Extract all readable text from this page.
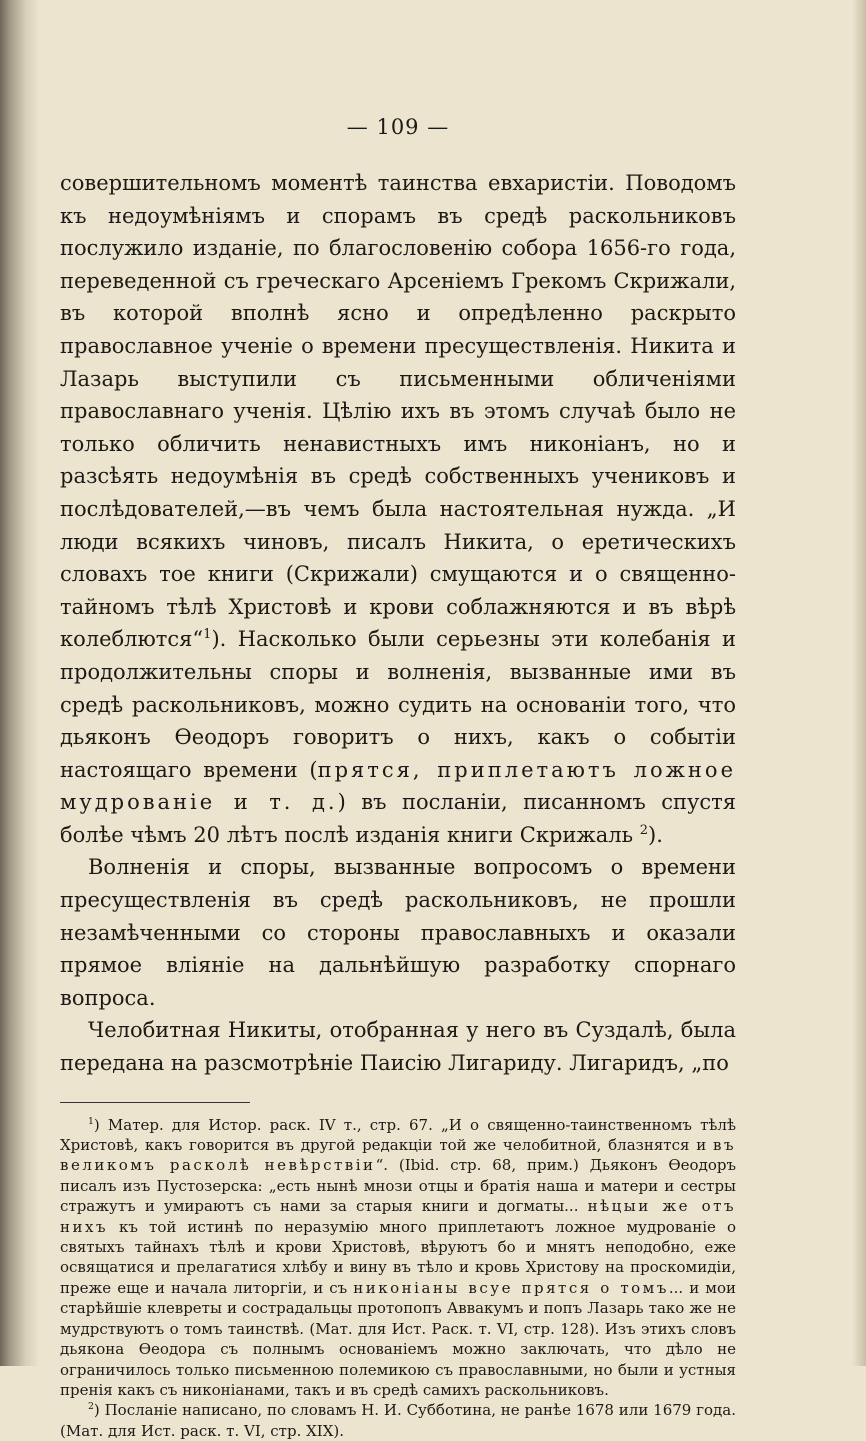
— 109 —

совершительномъ моментѣ таинства евхаристіи. Поводомъ къ недоумѣніямъ и спорамъ въ средѣ раскольниковъ послужило изданіе, по благословенію собора 1656-го года, переведенной съ греческаго Арсеніемъ Грекомъ Скрижали, въ которой вполнѣ ясно и опредѣленно раскрыто православное ученіе о времени пресуществленія. Никита и Лазарь выступили съ письменными обличеніями православнаго ученія. Цѣлію ихъ въ этомъ случаѣ было не только обличить ненавистныхъ имъ никоніанъ, но и разсѣять недоумѣнія въ средѣ собственныхъ учениковъ и послѣдователей,—въ чемъ была настоятельная нужда. „И люди всякихъ чиновъ, писалъ Никита, о еретическихъ словахъ тое книги (Скрижали) смущаются и о священно-тайномъ тѣлѣ Христовѣ и крови соблажняются и въ вѣрѣ колеблются“$^1$). Насколько были серьезны эти колебанія и продолжительны споры и волненія, вызванные ими въ средѣ раскольниковъ, можно судить на основаніи того, что дьяконъ Ѳеодоръ говоритъ о нихъ, какъ о событіи настоящаго времени (прятся, приплетаютъ ложное мудрованіе и т. д.) въ посланіи, писанномъ спустя болѣе чѣмъ 20 лѣтъ послѣ изданія книги Скрижаль $^2$).

Волненія и споры, вызванные вопросомъ о времени пресуществленія въ средѣ раскольниковъ, не прошли незамѣченными со стороны православныхъ и оказали прямое вліяніе на дальнѣйшую разработку спорнаго вопроса.

Челобитная Никиты, отобранная у него въ Суздалѣ, была передана на разсмотрѣніе Паисію Лигариду. Лигаридъ, „по

$^1$) Матер. для Истор. раск. IV т., стр. 67. „И о священно-таинственномъ тѣлѣ Христовѣ, какъ говорится въ другой редакціи той же челобитной, блазнятся и въ великомъ расколѣ невѣрствіи“. (Ibid. стр. 68, прим.) Дьяконъ Ѳеодоръ писалъ изъ Пустозерска: „есть нынѣ мнози отцы и братія наша и матери и сестры стражутъ и умираютъ съ нами за старыя книги и догматы... нѣцыи же отъ нихъ къ той истинѣ по неразумію много приплетаютъ ложное мудрованіе о святыхъ тайнахъ тѣлѣ и крови Христовѣ, вѣруютъ бо и мнятъ неподобно, еже освящатися и прелагатися хлѣбу и вину въ тѣло и кровь Христову на проскомидіи, преже еще и начала литоргіи, и съ никоніаны всуе прятся о томъ... и мои старѣйшіе клевреты и сострадальцы протопопъ Аввакумъ и попъ Лазарь тако же не мудрствуютъ о томъ таинствѣ. (Мат. для Ист. Раск. т. VI, стр. 128). Изъ этихъ словъ дьякона Ѳеодора съ полнымъ основаніемъ можно заключать, что дѣло не ограничилось только письменною полемикою съ православными, но были и устныя пренія какъ съ никоніанами, такъ и въ средѣ самихъ раскольниковъ.

$^2$) Посланіе написано, по словамъ Н. И. Субботина, не ранѣе 1678 или 1679 года. (Мат. для Ист. раск. т. VI, стр. XIX).
